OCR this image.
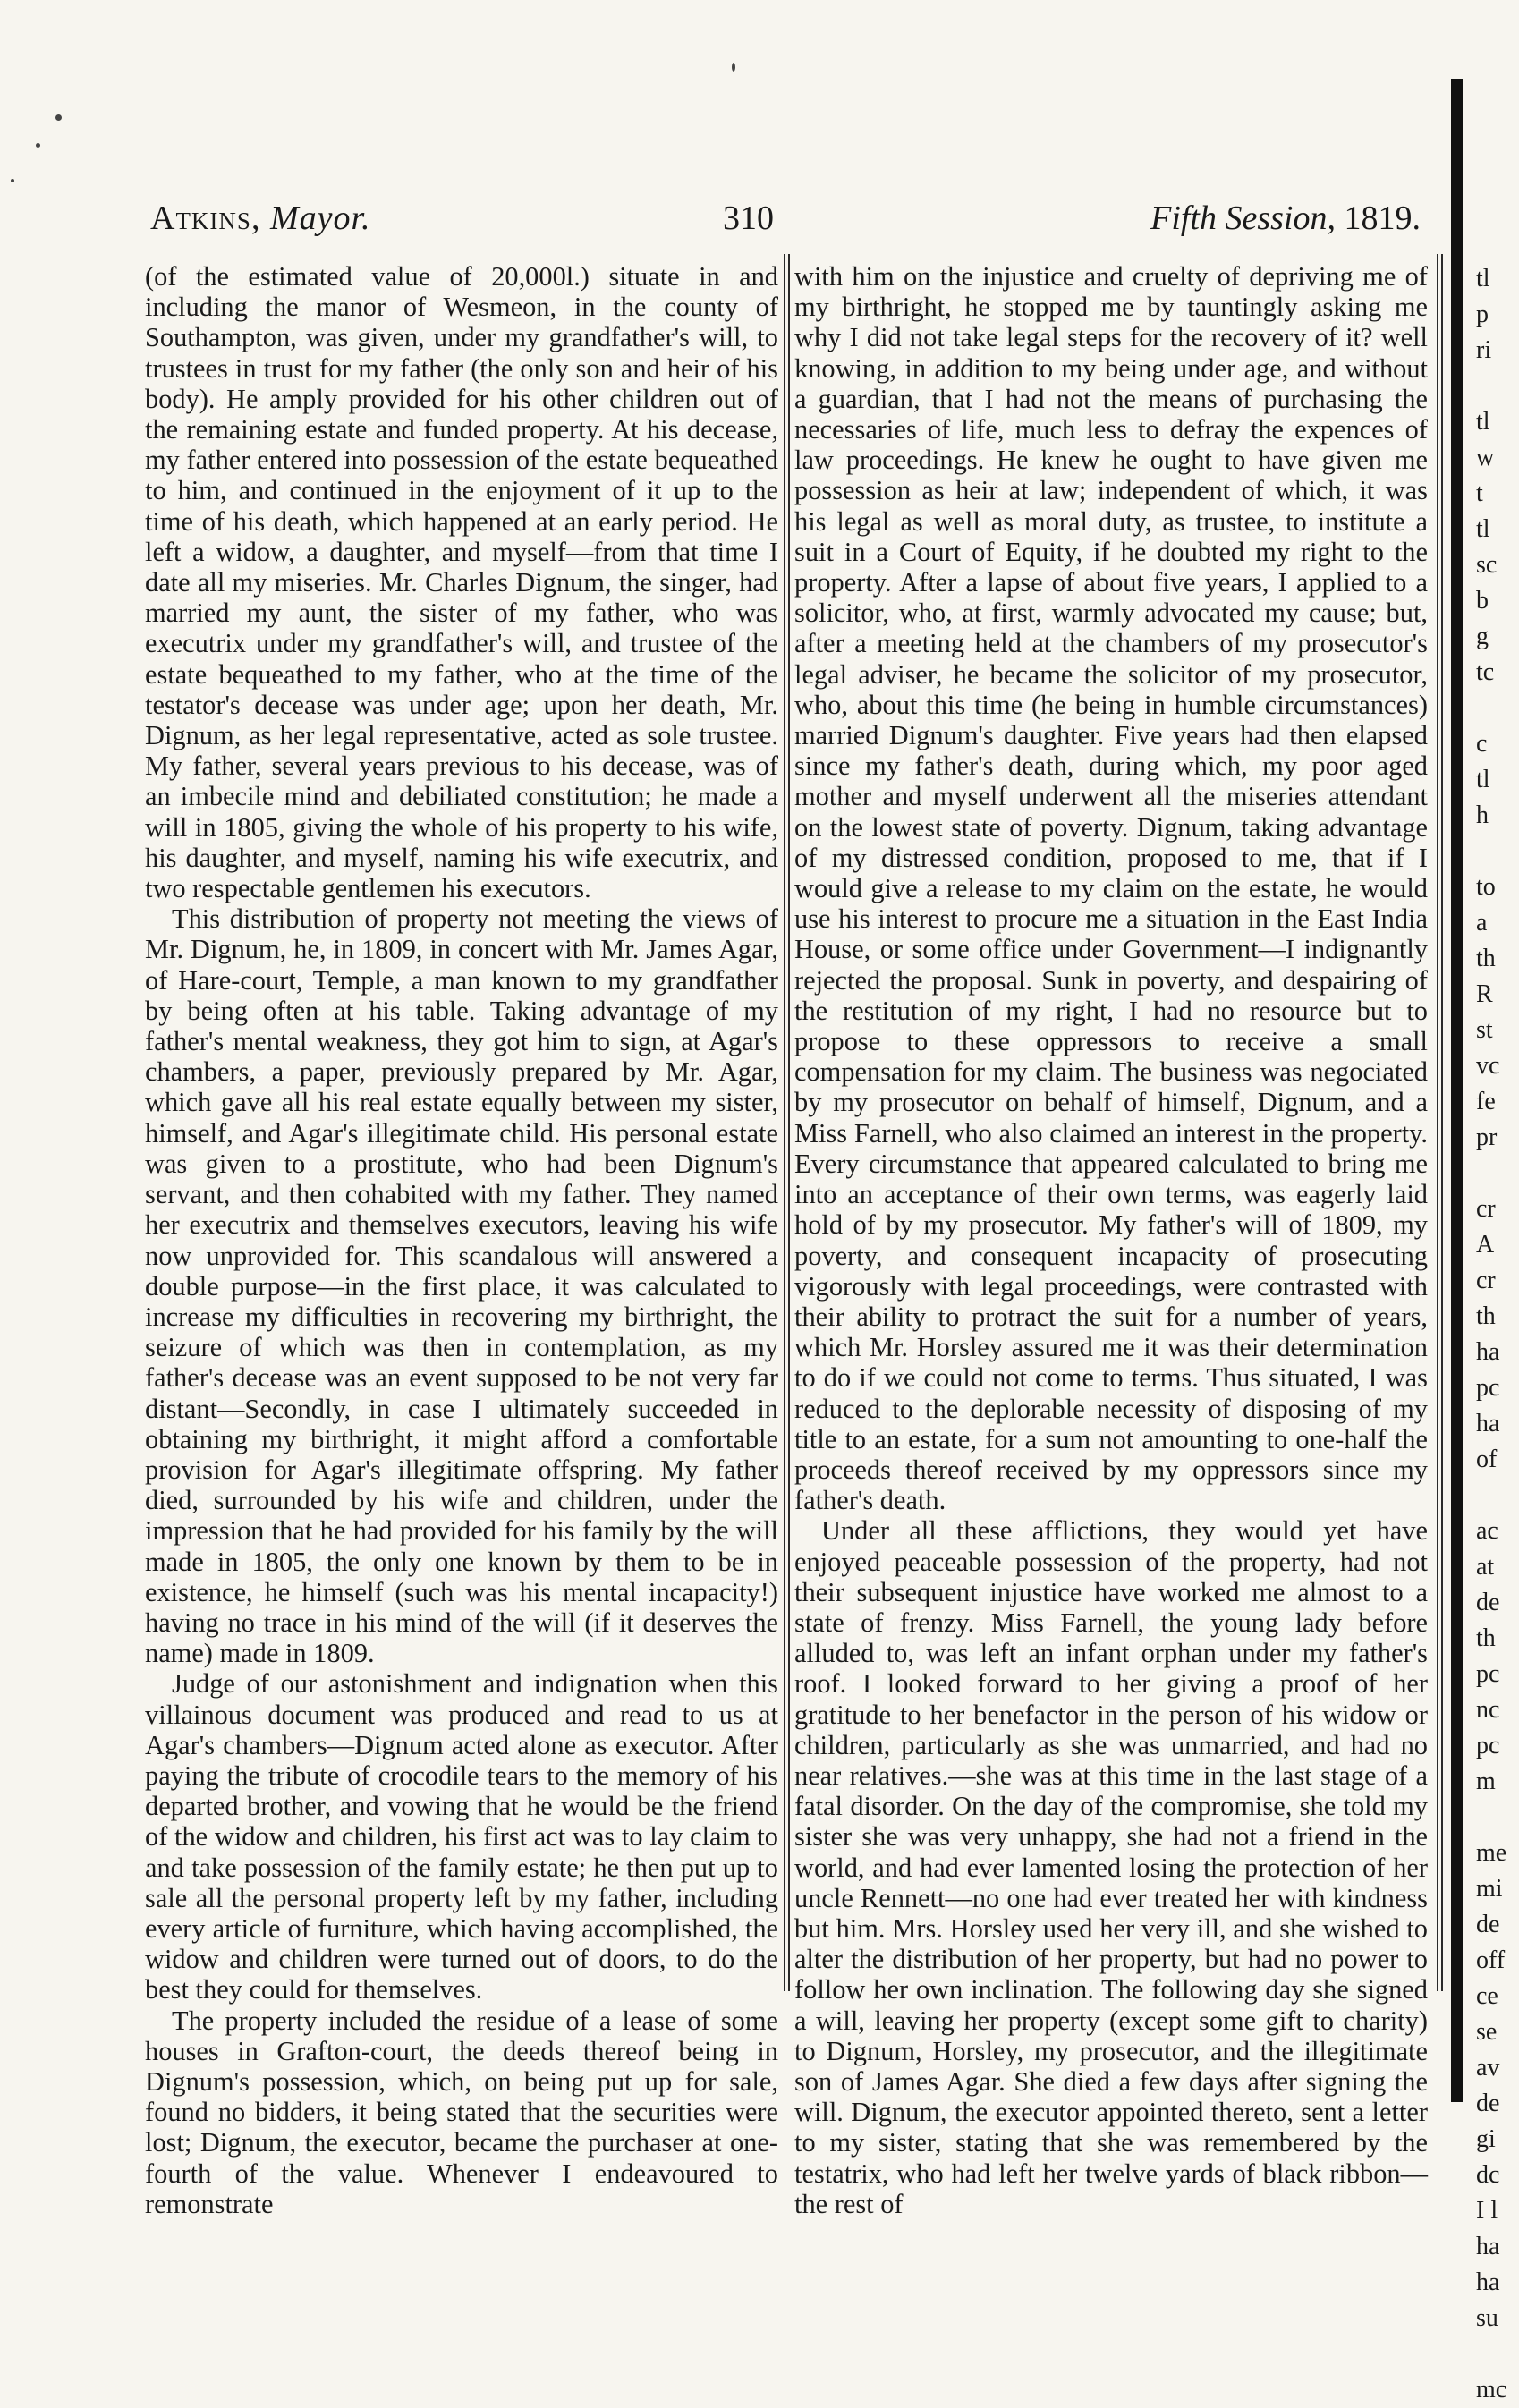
Atkins, Mayor.	310	Fifth Session, 1819.

(of the estimated value of 20,000l.) situate in and including the manor of Wesmeon, in the county of Southampton, was given, under my grandfather's will, to trustees in trust for my father (the only son and heir of his body). He amply provided for his other children out of the remaining estate and funded property. At his decease, my father entered into possession of the estate bequeathed to him, and continued in the enjoyment of it up to the time of his death, which happened at an early period. He left a widow, a daughter, and myself—from that time I date all my miseries. Mr. Charles Dignum, the singer, had married my aunt, the sister of my father, who was executrix under my grandfather's will, and trustee of the estate bequeathed to my father, who at the time of the testator's decease was under age; upon her death, Mr. Dignum, as her legal representative, acted as sole trustee. My father, several years previous to his decease, was of an imbecile mind and debiliated constitution; he made a will in 1805, giving the whole of his property to his wife, his daughter, and myself, naming his wife executrix, and two respectable gentlemen his executors.

This distribution of property not meeting the views of Mr. Dignum, he, in 1809, in concert with Mr. James Agar, of Hare-court, Temple, a man known to my grandfather by being often at his table. Taking advantage of my father's mental weakness, they got him to sign, at Agar's chambers, a paper, previously prepared by Mr. Agar, which gave all his real estate equally between my sister, himself, and Agar's illegitimate child. His personal estate was given to a prostitute, who had been Dignum's servant, and then cohabited with my father. They named her executrix and themselves executors, leaving his wife now unprovided for. This scandalous will answered a double purpose—in the first place, it was calculated to increase my difficulties in recovering my birthright, the seizure of which was then in contemplation, as my father's decease was an event supposed to be not very far distant—Secondly, in case I ultimately succeeded in obtaining my birthright, it might afford a comfortable provision for Agar's illegitimate offspring. My father died, surrounded by his wife and children, under the impression that he had provided for his family by the will made in 1805, the only one known by them to be in existence, he himself (such was his mental incapacity!) having no trace in his mind of the will (if it deserves the name) made in 1809.

Judge of our astonishment and indignation when this villainous document was produced and read to us at Agar's chambers—Dignum acted alone as executor. After paying the tribute of crocodile tears to the memory of his departed brother, and vowing that he would be the friend of the widow and children, his first act was to lay claim to and take possession of the family estate; he then put up to sale all the personal property left by my father, including every article of furniture, which having accomplished, the widow and children were turned out of doors, to do the best they could for themselves.

The property included the residue of a lease of some houses in Grafton-court, the deeds thereof being in Dignum's possession, which, on being put up for sale, found no bidders, it being stated that the securities were lost; Dignum, the executor, became the purchaser at one-fourth of the value. Whenever I endeavoured to remonstrate

with him on the injustice and cruelty of depriving me of my birthright, he stopped me by tauntingly asking me why I did not take legal steps for the recovery of it? well knowing, in addition to my being under age, and without a guardian, that I had not the means of purchasing the necessaries of life, much less to defray the expences of law proceedings. He knew he ought to have given me possession as heir at law; independent of which, it was his legal as well as moral duty, as trustee, to institute a suit in a Court of Equity, if he doubted my right to the property. After a lapse of about five years, I applied to a solicitor, who, at first, warmly advocated my cause; but, after a meeting held at the chambers of my prosecutor's legal adviser, he became the solicitor of my prosecutor, who, about this time (he being in humble circumstances) married Dignum's daughter. Five years had then elapsed since my father's death, during which, my poor aged mother and myself underwent all the miseries attendant on the lowest state of poverty. Dignum, taking advantage of my distressed condition, proposed to me, that if I would give a release to my claim on the estate, he would use his interest to procure me a situation in the East India House, or some office under Government—I indignantly rejected the proposal. Sunk in poverty, and despairing of the restitution of my right, I had no resource but to propose to these oppressors to receive a small compensation for my claim. The business was negociated by my prosecutor on behalf of himself, Dignum, and a Miss Farnell, who also claimed an interest in the property. Every circumstance that appeared calculated to bring me into an acceptance of their own terms, was eagerly laid hold of by my prosecutor. My father's will of 1809, my poverty, and consequent incapacity of prosecuting vigorously with legal proceedings, were contrasted with their ability to protract the suit for a number of years, which Mr. Horsley assured me it was their determination to do if we could not come to terms. Thus situated, I was reduced to the deplorable necessity of disposing of my title to an estate, for a sum not amounting to one-half the proceeds thereof received by my oppressors since my father's death.

Under all these afflictions, they would yet have enjoyed peaceable possession of the property, had not their subsequent injustice have worked me almost to a state of frenzy. Miss Farnell, the young lady before alluded to, was left an infant orphan under my father's roof. I looked forward to her giving a proof of her gratitude to her benefactor in the person of his widow or children, particularly as she was unmarried, and had no near relatives.—she was at this time in the last stage of a fatal disorder. On the day of the compromise, she told my sister she was very unhappy, she had not a friend in the world, and had ever lamented losing the protection of her uncle Rennett—no one had ever treated her with kindness but him. Mrs. Horsley used her very ill, and she wished to alter the distribution of her property, but had no power to follow her own inclination. The following day she signed a will, leaving her property (except some gift to charity) to Dignum, Horsley, my prosecutor, and the illegitimate son of James Agar. She died a few days after signing the will. Dignum, the executor appointed thereto, sent a letter to my sister, stating that she was remembered by the testatrix, who had left her twelve yards of black ribbon—the rest of

tl
p
ri
tl
w
t
tl
sc
b
g
tc
c
tl
h
to
a
th
R
st
vc
fe
pr
cr
A
cr
th
ha
pc
ha
of
ac
at
de
th
pc
nc
pc
m
me
mi
de
off
ce
se
av
de
gi
dc
I l
ha
ha
su
mc
